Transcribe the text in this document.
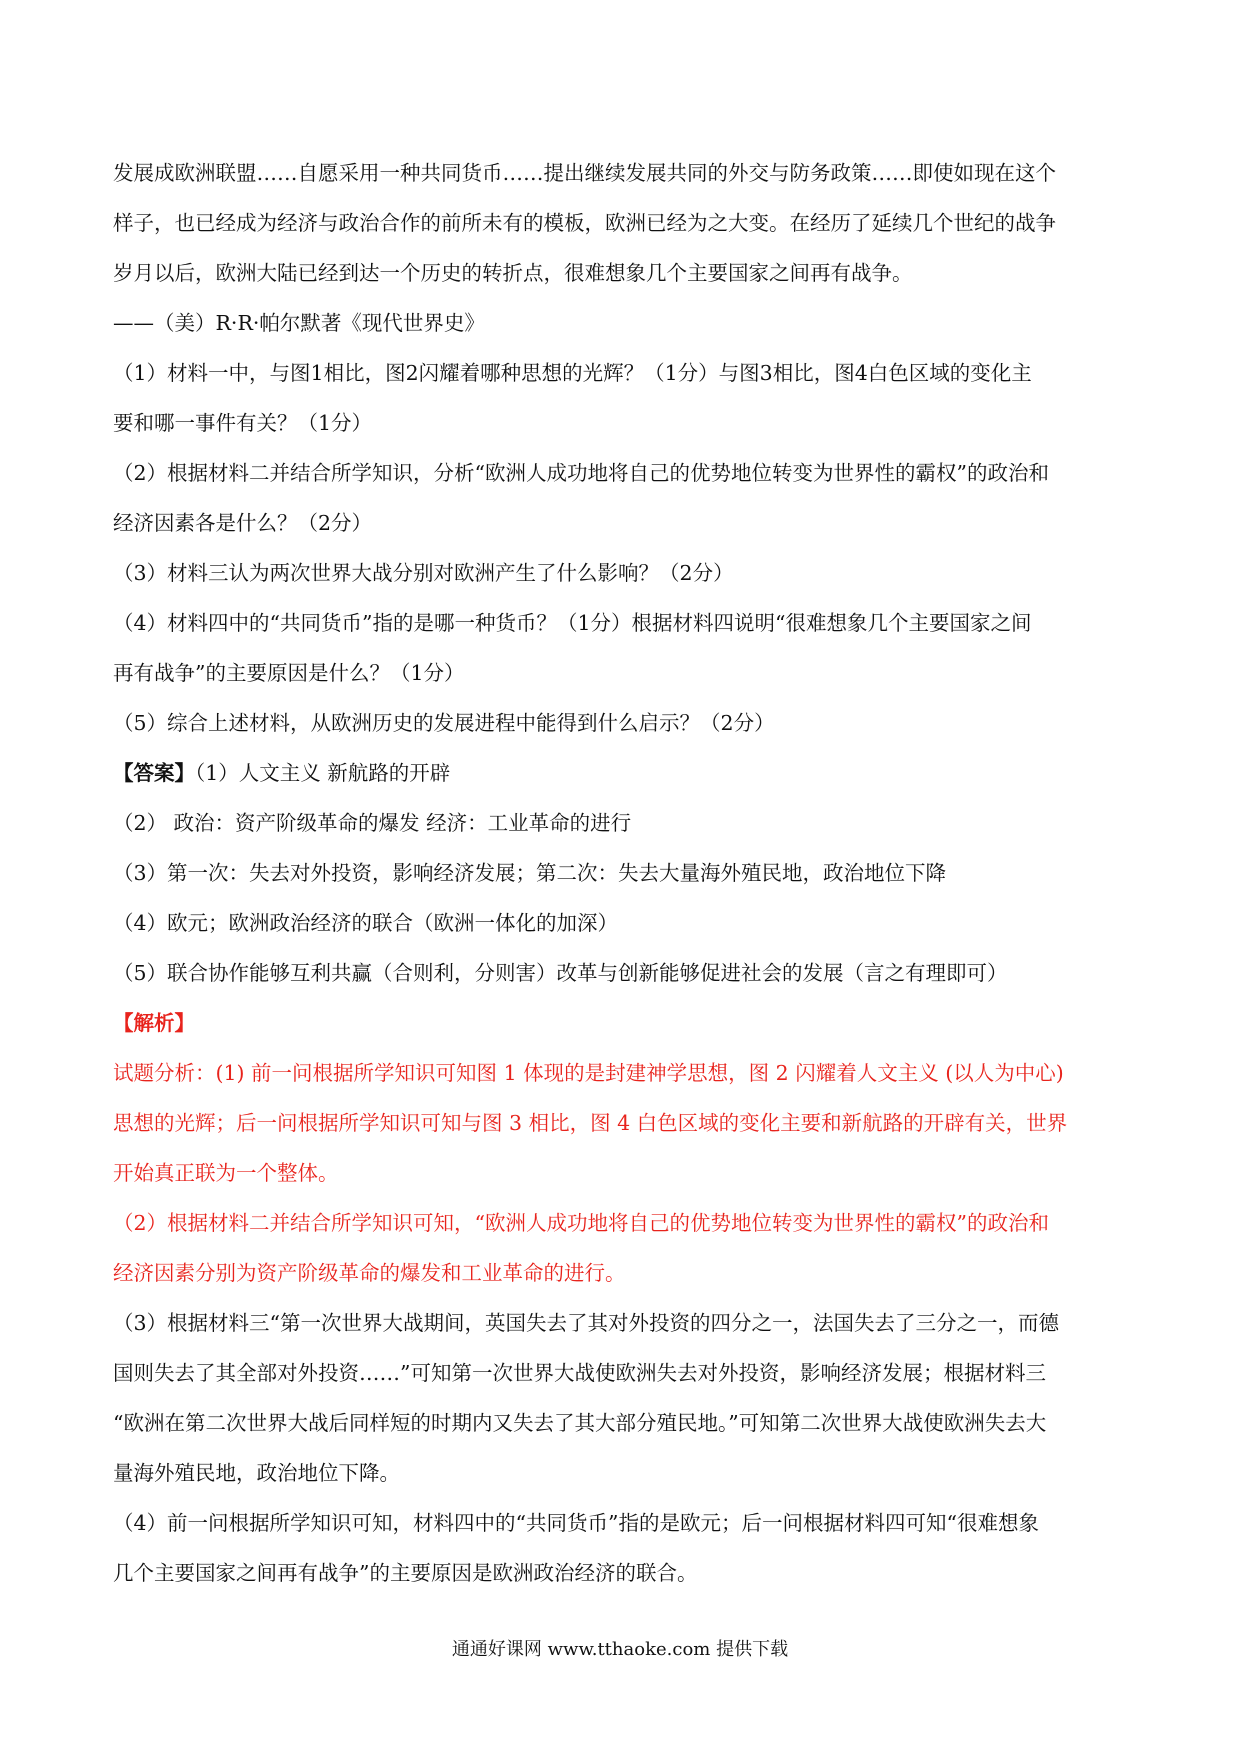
发展成欧洲联盟……自愿采用一种共同货币……提出继续发展共同的外交与防务政策……即使如现在这个

样子，也已经成为经济与政治合作的前所未有的模板，欧洲已经为之大变。在经历了延续几个世纪的战争

岁月以后，欧洲大陆已经到达一个历史的转折点，很难想象几个主要国家之间再有战争。

——（美）R·R·帕尔默著《现代世界史》

（1）材料一中，与图1相比，图2闪耀着哪种思想的光辉？（1分）与图3相比，图4白色区域的变化主

要和哪一事件有关？（1分）

（2）根据材料二并结合所学知识，分析“欧洲人成功地将自己的优势地位转变为世界性的霸权”的政治和

经济因素各是什么？（2分）

（3）材料三认为两次世界大战分别对欧洲产生了什么影响？（2分）

（4）材料四中的“共同货币”指的是哪一种货币？（1分）根据材料四说明“很难想象几个主要国家之间

再有战争”的主要原因是什么？（1分）

（5）综合上述材料，从欧洲历史的发展进程中能得到什么启示？（2分）

【答案】（1）人文主义 新航路的开辟

（2） 政治：资产阶级革命的爆发 经济：工业革命的进行

（3）第一次：失去对外投资，影响经济发展；第二次：失去大量海外殖民地，政治地位下降

（4）欧元；欧洲政治经济的联合（欧洲一体化的加深）

（5）联合协作能够互利共赢（合则利，分则害）改革与创新能够促进社会的发展（言之有理即可）

【解析】

试题分析：(1) 前一问根据所学知识可知图 1 体现的是封建神学思想，图 2 闪耀着人文主义 (以人为中心)

思想的光辉；后一问根据所学知识可知与图 3 相比，图 4 白色区域的变化主要和新航路的开辟有关，世界

开始真正联为一个整体。

（2）根据材料二并结合所学知识可知，“欧洲人成功地将自己的优势地位转变为世界性的霸权”的政治和

经济因素分别为资产阶级革命的爆发和工业革命的进行。

（3）根据材料三“第一次世界大战期间，英国失去了其对外投资的四分之一，法国失去了三分之一，而德

国则失去了其全部对外投资……”可知第一次世界大战使欧洲失去对外投资，影响经济发展；根据材料三

“欧洲在第二次世界大战后同样短的时期内又失去了其大部分殖民地。”可知第二次世界大战使欧洲失去大

量海外殖民地，政治地位下降。

（4）前一问根据所学知识可知，材料四中的“共同货币”指的是欧元；后一问根据材料四可知“很难想象

几个主要国家之间再有战争”的主要原因是欧洲政治经济的联合。

通通好课网 www.tthaoke.com 提供下载
